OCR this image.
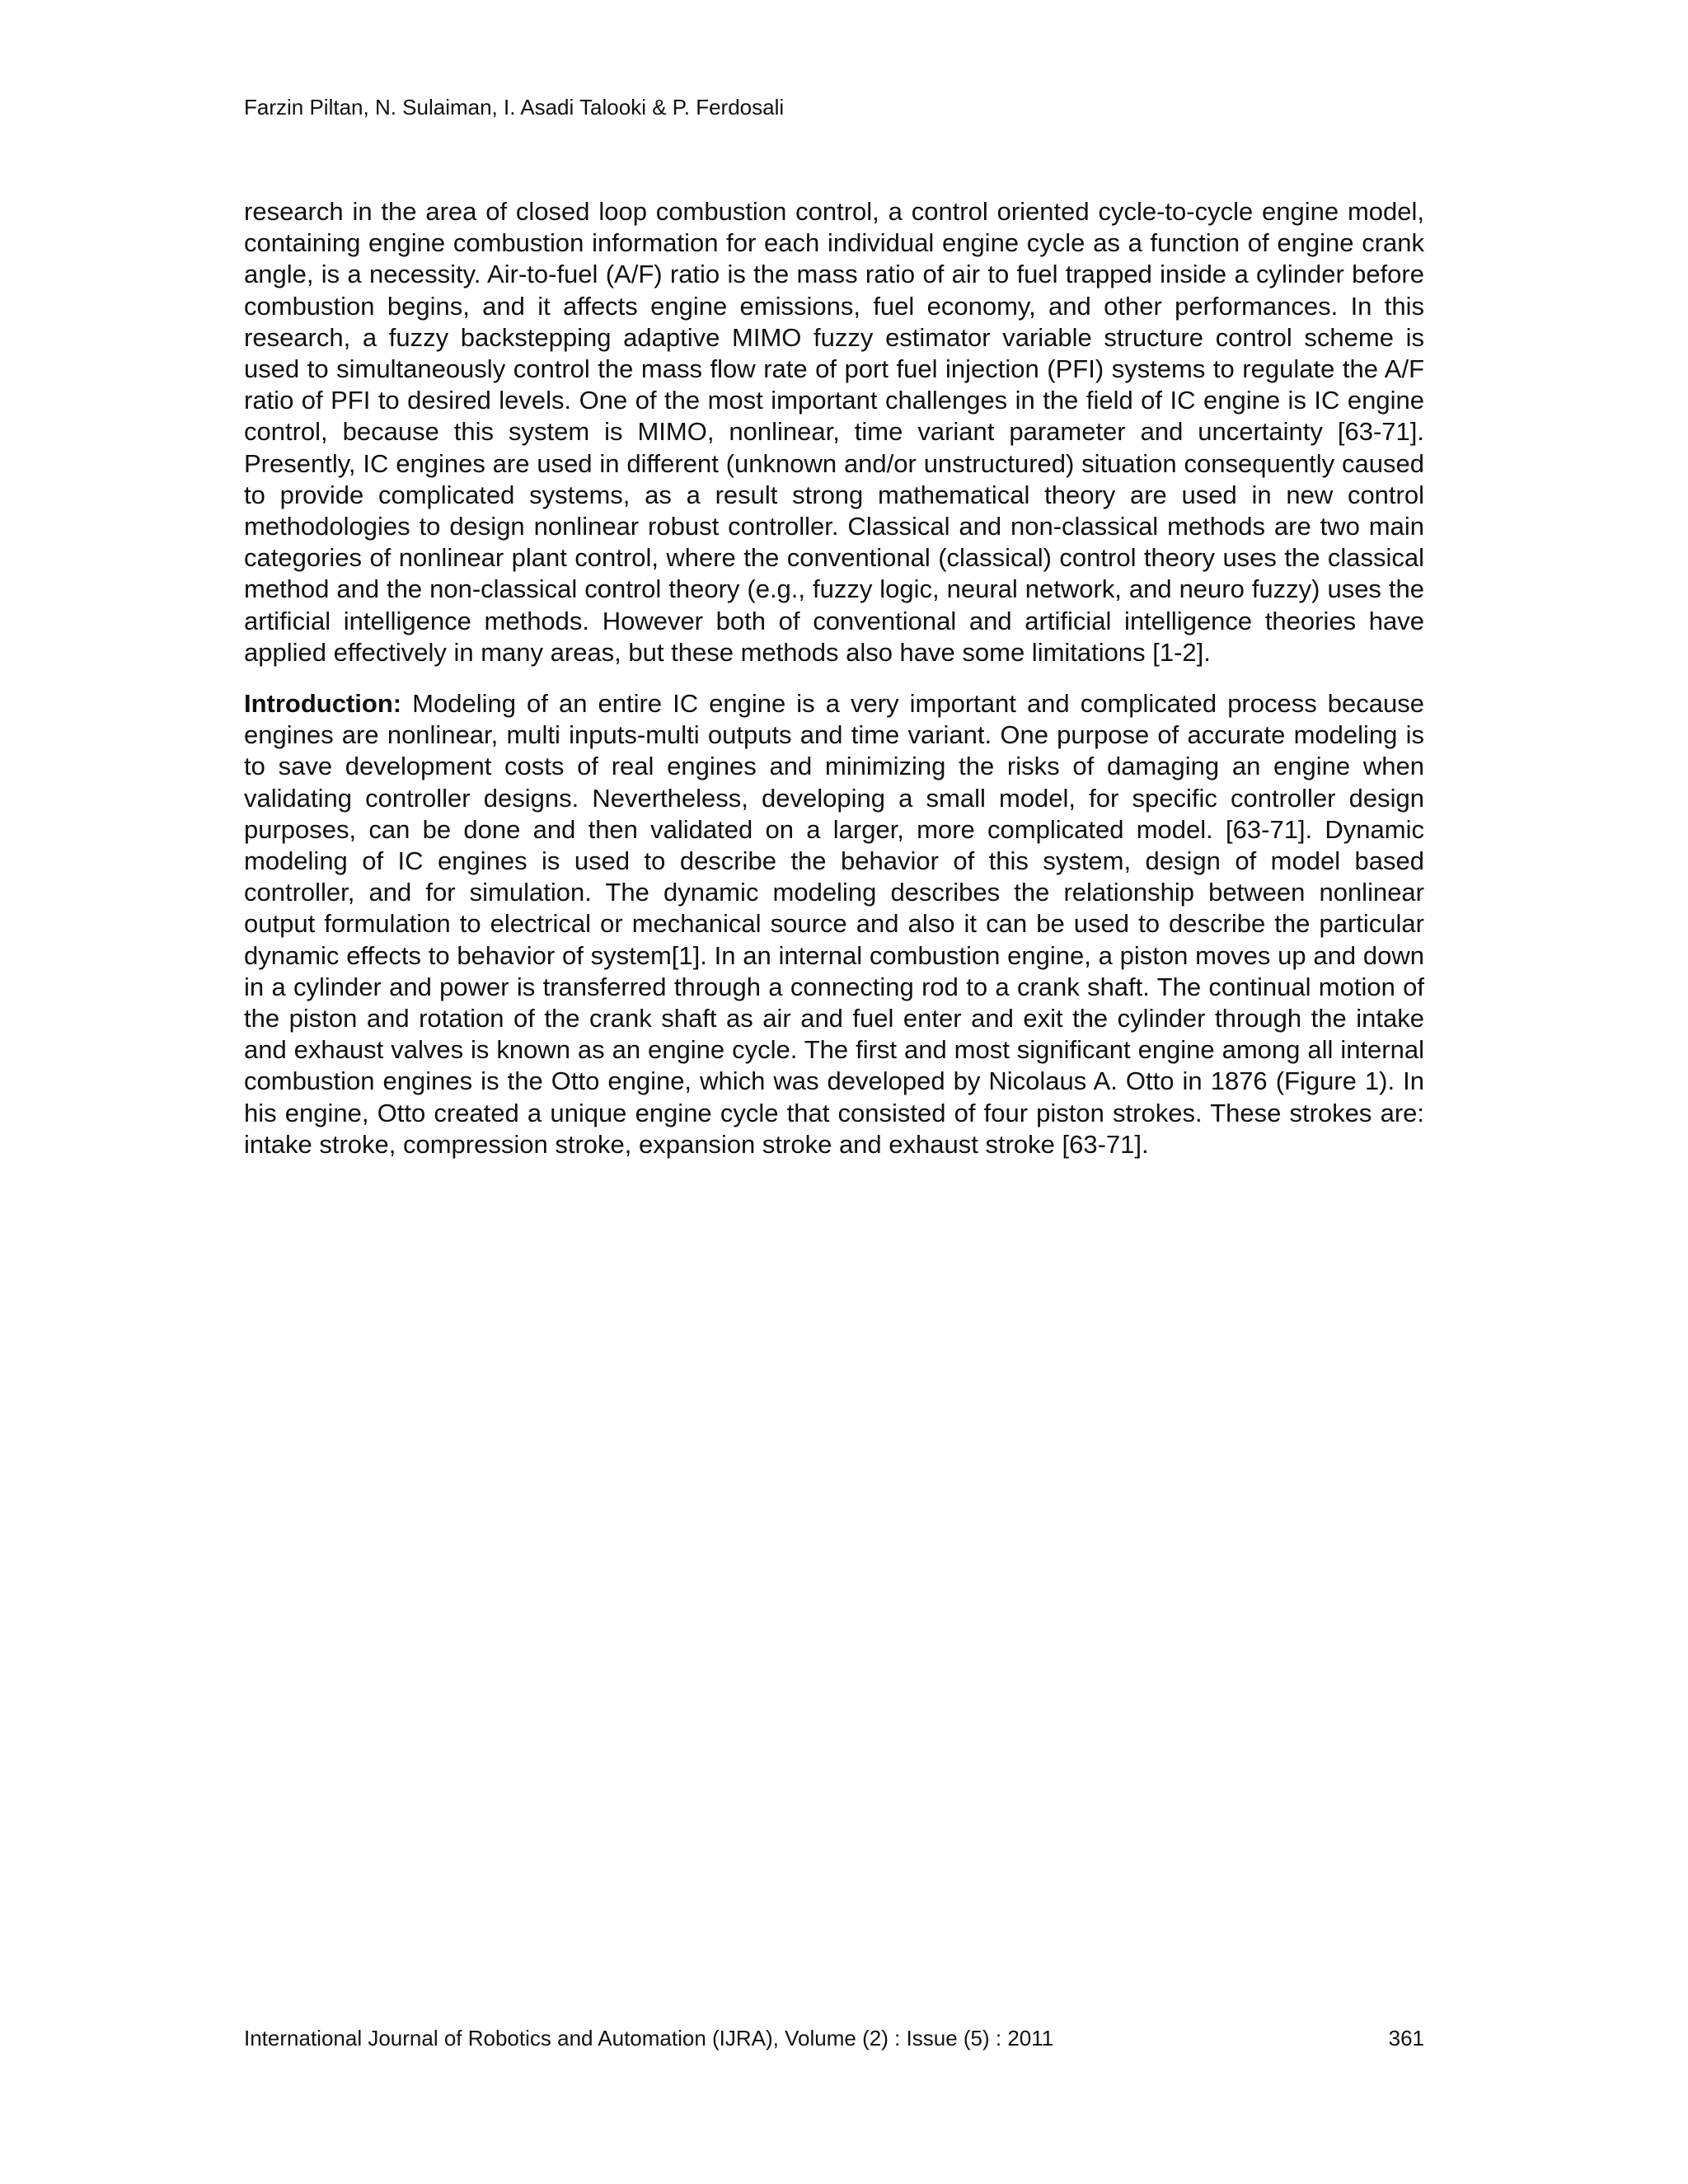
Farzin Piltan, N. Sulaiman, I. Asadi Talooki & P. Ferdosali

research in the area of closed loop combustion control, a control oriented cycle-to-cycle engine model, containing engine combustion information for each individual engine cycle as a function of engine crank angle, is a necessity. Air-to-fuel (A/F) ratio is the mass ratio of air to fuel trapped inside a cylinder before combustion begins, and it affects engine emissions, fuel economy, and other performances. In this research, a fuzzy backstepping adaptive MIMO fuzzy estimator variable structure control scheme is used to simultaneously control the mass flow rate of port fuel injection (PFI) systems to regulate the A/F ratio of PFI to desired levels. One of the most important challenges in the field of IC engine is IC engine control, because this system is MIMO, nonlinear, time variant parameter and uncertainty [63-71]. Presently, IC engines are used in different (unknown and/or unstructured) situation consequently caused to provide complicated systems, as a result strong mathematical theory are used in new control methodologies to design nonlinear robust controller. Classical and non-classical methods are two main categories of nonlinear plant control, where the conventional (classical) control theory uses the classical method and the non-classical control theory (e.g., fuzzy logic, neural network, and neuro fuzzy) uses the artificial intelligence methods. However both of conventional and artificial intelligence theories have applied effectively in many areas, but these methods also have some limitations [1-2].

Introduction: Modeling of an entire IC engine is a very important and complicated process because engines are nonlinear, multi inputs-multi outputs and time variant. One purpose of accurate modeling is to save development costs of real engines and minimizing the risks of damaging an engine when validating controller designs. Nevertheless, developing a small model, for specific controller design purposes, can be done and then validated on a larger, more complicated model. [63-71]. Dynamic modeling of IC engines is used to describe the behavior of this system, design of model based controller, and for simulation. The dynamic modeling describes the relationship between nonlinear output formulation to electrical or mechanical source and also it can be used to describe the particular dynamic effects to behavior of system[1]. In an internal combustion engine, a piston moves up and down in a cylinder and power is transferred through a connecting rod to a crank shaft. The continual motion of the piston and rotation of the crank shaft as air and fuel enter and exit the cylinder through the intake and exhaust valves is known as an engine cycle. The first and most significant engine among all internal combustion engines is the Otto engine, which was developed by Nicolaus A. Otto in 1876 (Figure 1). In his engine, Otto created a unique engine cycle that consisted of four piston strokes. These strokes are: intake stroke, compression stroke, expansion stroke and exhaust stroke [63-71].

International Journal of Robotics and Automation (IJRA), Volume (2) : Issue (5) : 2011	361
